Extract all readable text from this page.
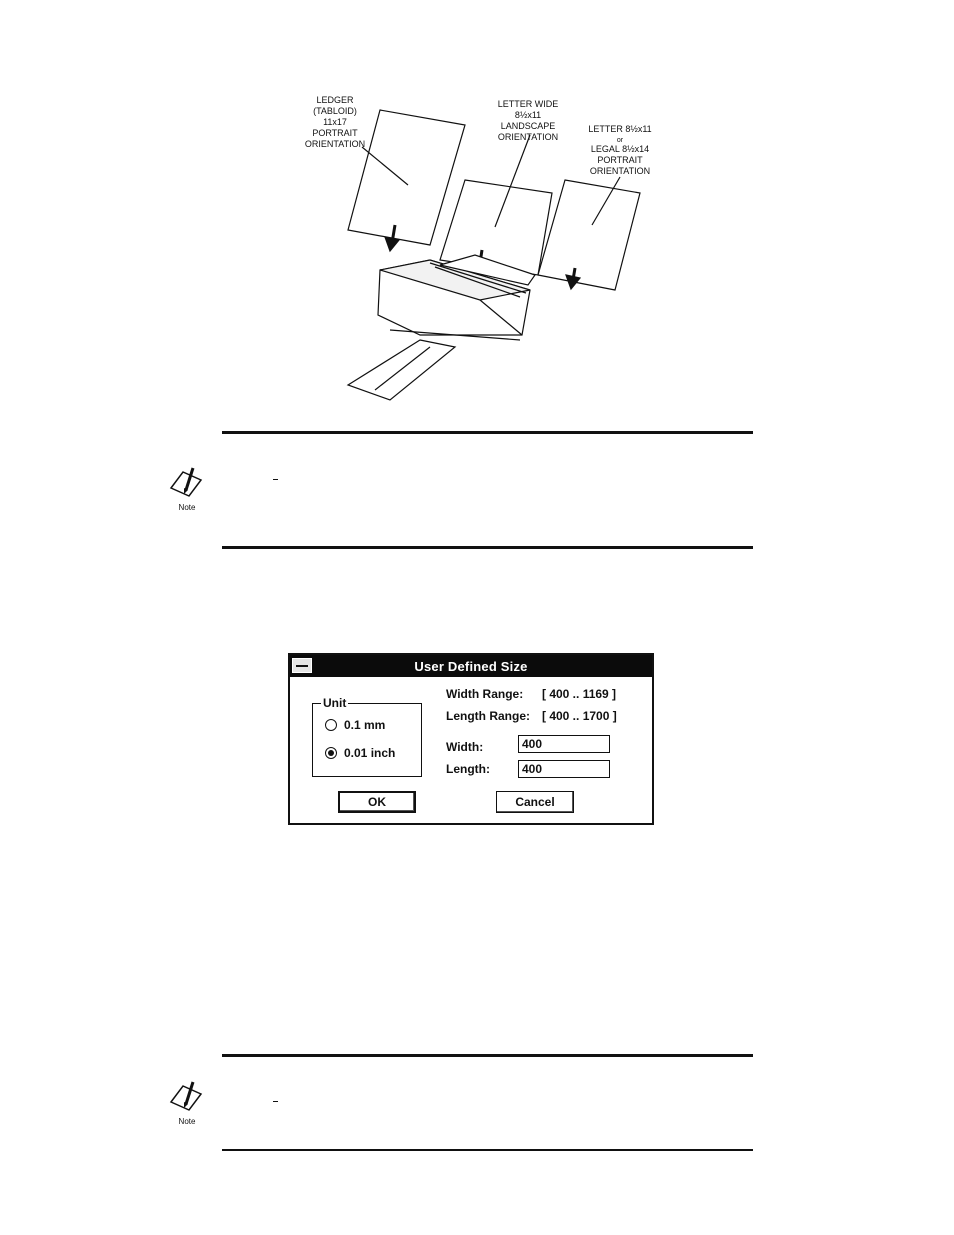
LEDGER
(TABLOID)
11x17
PORTRAIT
ORIENTATION
LETTER WIDE
8½x11
LANDSCAPE
ORIENTATION
LETTER 8½x11
or
LEGAL 8½x14
PORTRAIT
ORIENTATION
Note
User Defined Size
Unit
0.1 mm
0.01 inch
Width Range: [ 400 .. 1169 ]
Length Range: [ 400 .. 1700 ]
Width:	400
Length:	400
OK	Cancel
Note
